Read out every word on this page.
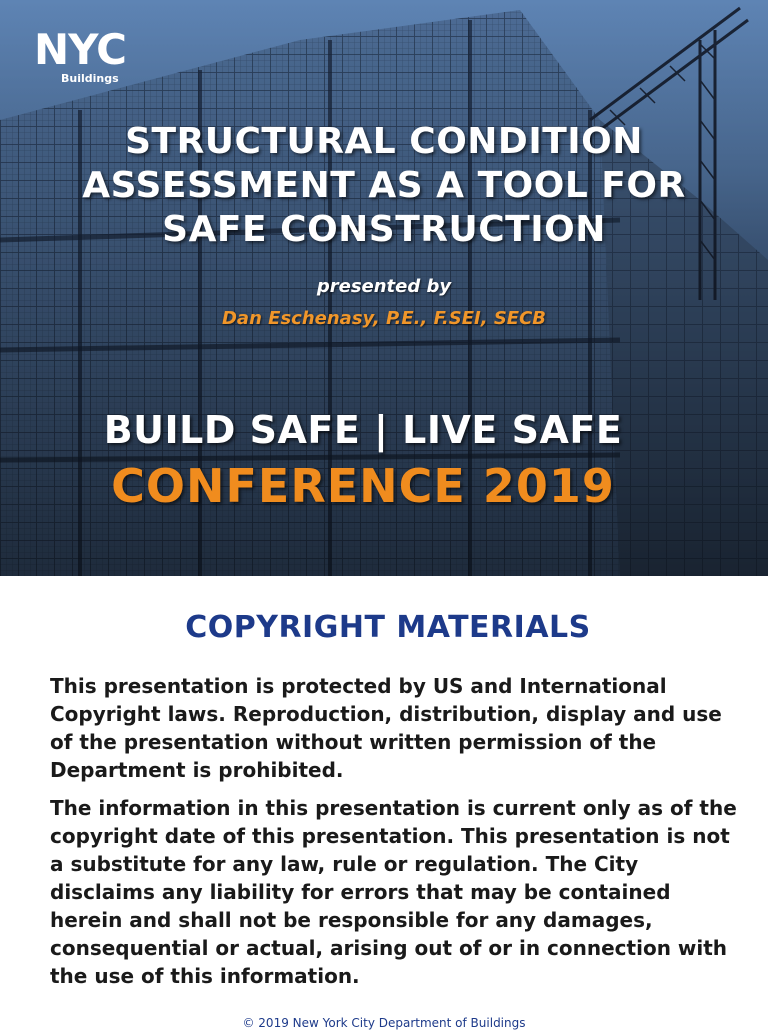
NYC
Buildings
STRUCTURAL CONDITION
ASSESSMENT AS A TOOL FOR
SAFE CONSTRUCTION
presented by
Dan Eschenasy, P.E., F.SEI, SECB
BUILD SAFE | LIVE SAFE
CONFERENCE 2019
COPYRIGHT MATERIALS

This presentation is protected by US and International Copyright laws. Reproduction, distribution, display and use of the presentation without written permission of the Department is prohibited.

The information in this presentation is current only as of the copyright date of this presentation. This presentation is not a substitute for any law, rule or regulation. The City disclaims any liability for errors that may be contained herein and shall not be responsible for any damages, consequential or actual, arising out of or in connection with the use of this information.

© 2019 New York City Department of Buildings
